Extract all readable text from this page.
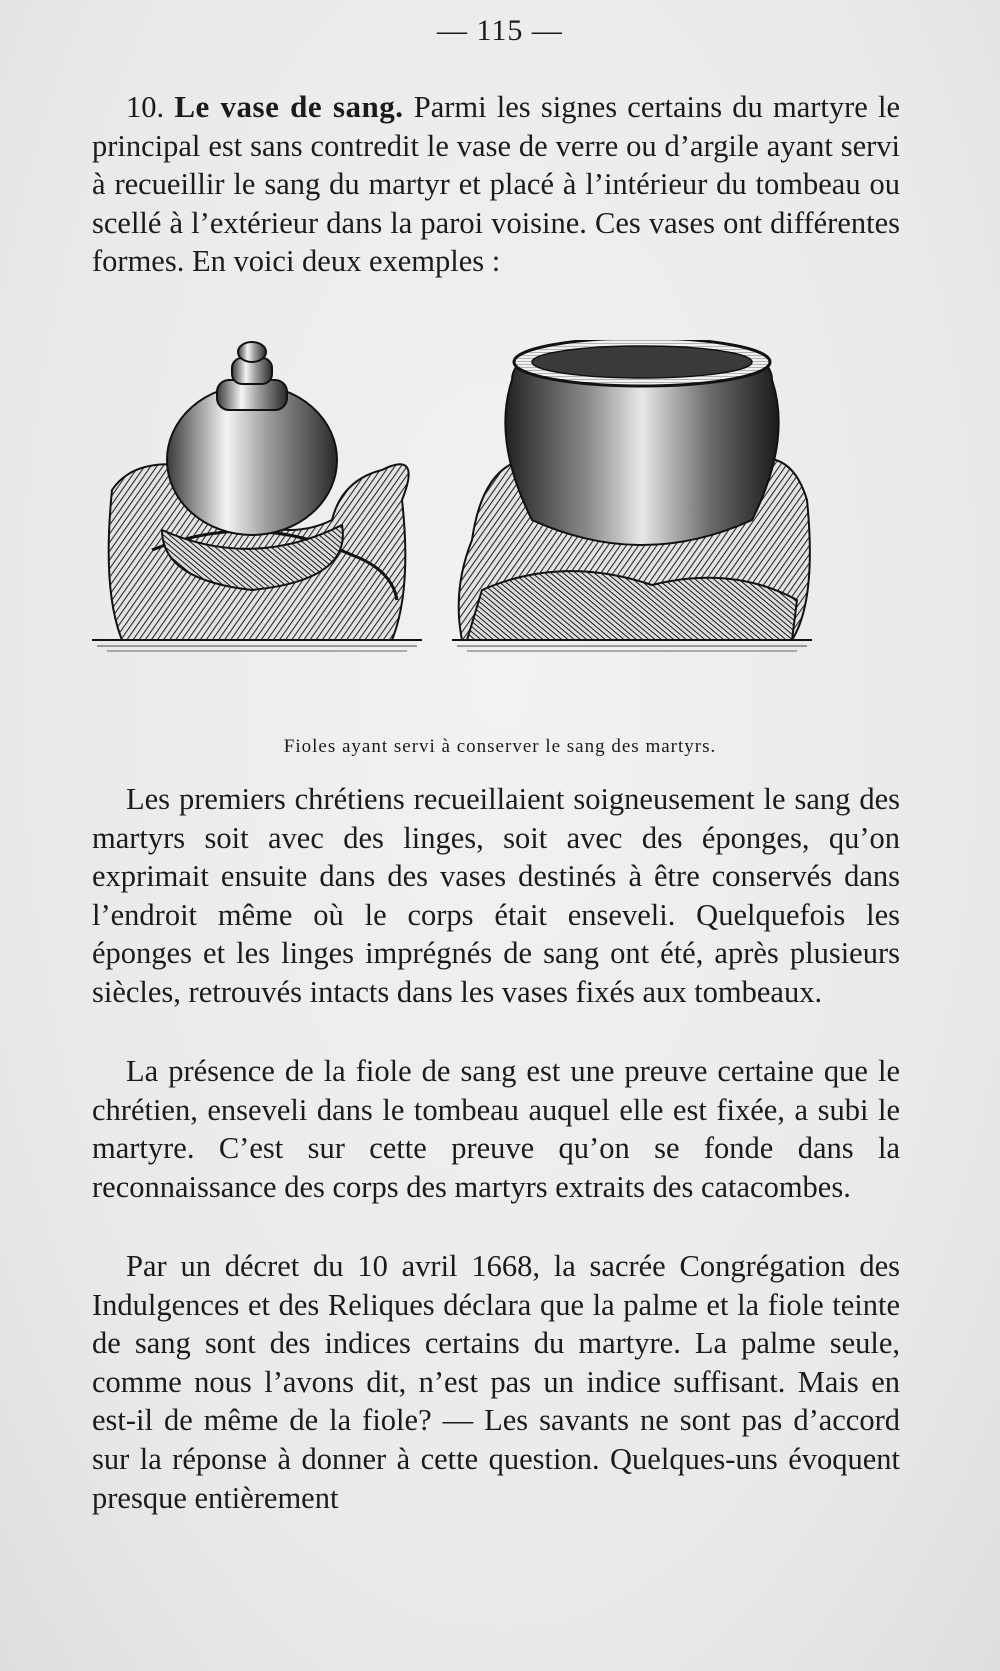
— 115 —

10. Le vase de sang. Parmi les signes certains du martyre le principal est sans contredit le vase de verre ou d’argile ayant servi à recueillir le sang du martyr et placé à l’intérieur du tombeau ou scellé à l’extérieur dans la paroi voisine. Ces vases ont différentes formes. En voici deux exemples :

Fioles ayant servi à conserver le sang des martyrs.

Les premiers chrétiens recueillaient soigneusement le sang des martyrs soit avec des linges, soit avec des éponges, qu’on exprimait ensuite dans des vases destinés à être conservés dans l’endroit même où le corps était enseveli. Quelquefois les éponges et les linges imprégnés de sang ont été, après plusieurs siècles, retrouvés intacts dans les vases fixés aux tombeaux.

La présence de la fiole de sang est une preuve certaine que le chrétien, enseveli dans le tombeau auquel elle est fixée, a subi le martyre. C’est sur cette preuve qu’on se fonde dans la reconnaissance des corps des martyrs extraits des catacombes.

Par un décret du 10 avril 1668, la sacrée Congrégation des Indulgences et des Reliques déclara que la palme et la fiole teinte de sang sont des indices certains du martyre. La palme seule, comme nous l’avons dit, n’est pas un indice suffisant. Mais en est-il de même de la fiole? — Les savants ne sont pas d’accord sur la réponse à donner à cette question. Quelques-uns évoquent presque entièrement
